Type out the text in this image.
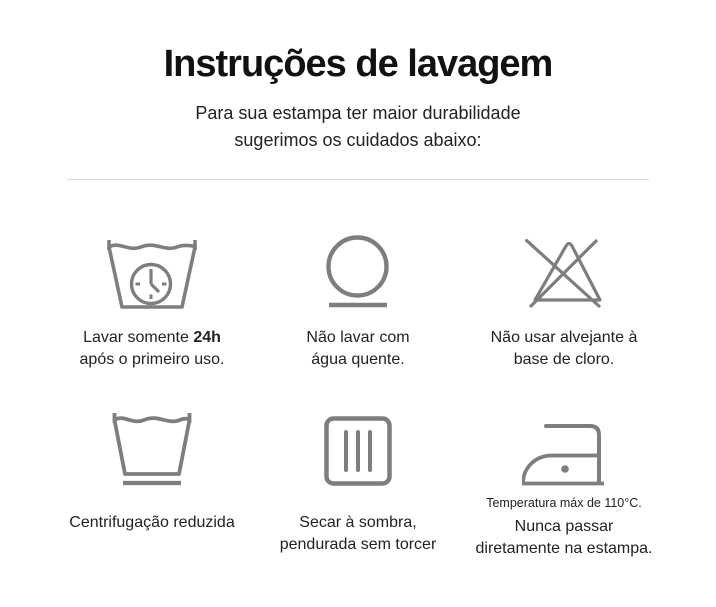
Instruções de lavagem

Para sua estampa ter maior durabilidade
sugerimos os cuidados abaixo:

Lavar somente 24h
após o primeiro uso.

Não lavar com
água quente.

Não usar alvejante à
base de cloro.

Centrifugação reduzida	Secar à sombra,
pendurada sem torcer

Temperatura máx de 110°C.

Nunca passar
diretamente na estampa.
